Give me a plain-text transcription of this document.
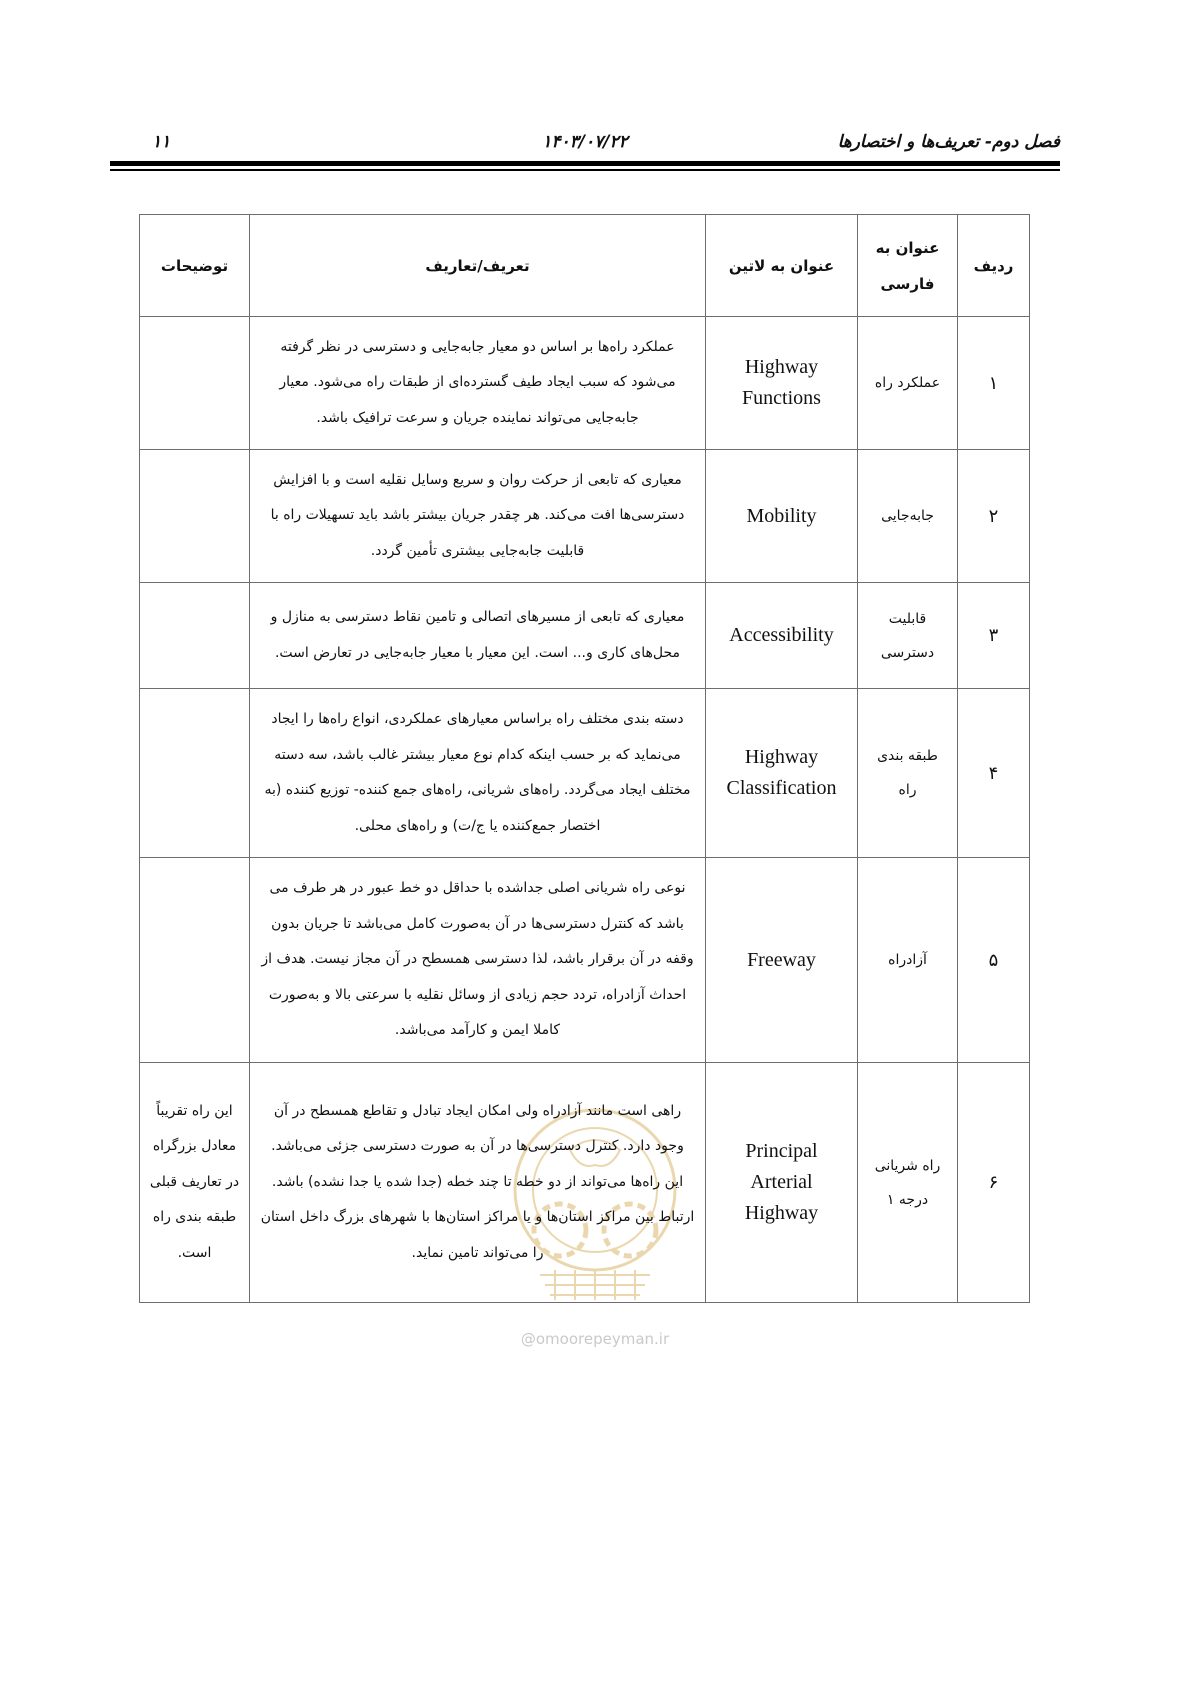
فصل دوم- تعریف‌ها و اختصارها
۱۴۰۳/۰۷/۲۲
۱۱
@omoorepeyman.ir
ردیف	عنوان به فارسی	عنوان به لاتین	تعریف/تعاریف	توضیحات
۱	عملکرد راه	Highway Functions	عملکرد راه‌ها بر اساس دو معیار جابه‌جایی و دسترسی در نظر گرفته می‌شود که سبب ایجاد طیف گسترده‌ای از طبقات راه می‌شود. معیار جابه‌جایی می‌تواند نماینده جریان و سرعت ترافیک باشد.	
۲	جابه‌جایی	Mobility	معیاری که تابعی از حرکت روان و سریع وسایل نقلیه است و با افزایش دسترسی‌ها افت می‌کند. هر چقدر جریان بیشتر باشد باید تسهیلات راه با قابلیت جابه‌جایی بیشتری تأمین گردد.	
۳	قابلیت دسترسی	Accessibility	معیاری که تابعی از مسیرهای اتصالی و تامین نقاط دسترسی به منازل و محل‌های کاری و... است. این معیار با معیار جابه‌جایی در تعارض است.	
۴	طبقه بندی راه	Highway Classification	دسته بندی مختلف راه براساس معیارهای عملکردی، انواع راه‌ها را ایجاد می‌نماید که بر حسب اینکه کدام نوع معیار بیشتر غالب باشد، سه دسته مختلف ایجاد می‌گردد. راه‌های شریانی، راه‌های جمع کننده- توزیع کننده (به اختصار جمع‌کننده یا ج/ت) و راه‌های محلی.	
۵	آزادراه	Freeway	نوعی راه شریانی اصلی جداشده با حداقل دو خط عبور در هر طرف می باشد که کنترل دسترسی‌ها در آن به‌صورت کامل می‌باشد تا جریان بدون وقفه در آن برقرار باشد، لذا دسترسی همسطح در آن مجاز نیست. هدف از احداث آزادراه، تردد حجم زیادی از وسائل نقلیه با سرعتی بالا و به‌صورت کاملا ایمن و کارآمد می‌باشد.	
۶	راه شریانی درجه ۱	Principal Arterial Highway	راهی است مانند آزادراه ولی امکان ایجاد تبادل و تقاطع همسطح در آن وجود دارد. کنترل دسترسی‌ها در آن به صورت دسترسی جزئی می‌باشد. این راه‌ها می‌تواند از دو خطه تا چند خطه (جدا شده یا جدا نشده) باشد. ارتباط بین مراکز استان‌ها و یا مراکز استان‌ها با شهرهای بزرگ داخل استان را می‌تواند تامین نماید.	این راه تقریباً معادل بزرگراه در تعاریف قبلی طبقه بندی راه است.
